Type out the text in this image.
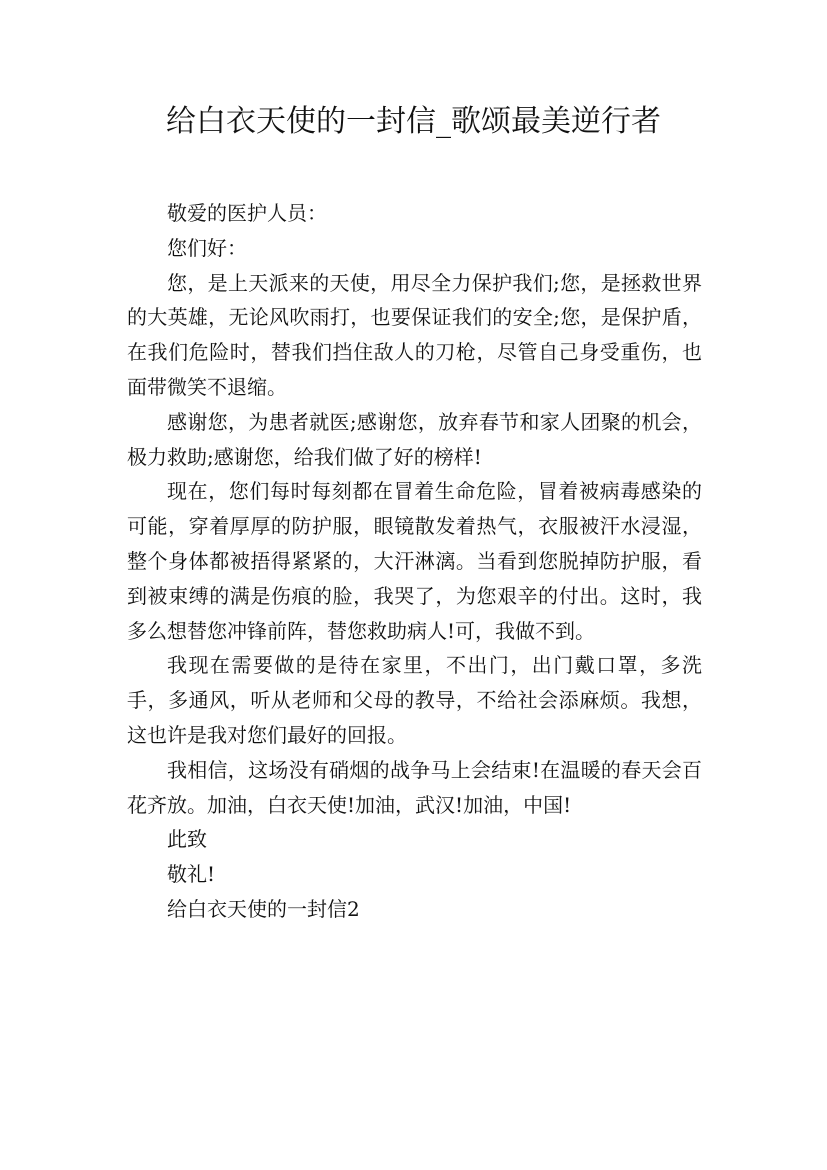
给白衣天使的一封信_歌颂最美逆行者

敬爱的医护人员：

您们好：

您，是上天派来的天使，用尽全力保护我们;您，是拯救世界的大英雄，无论风吹雨打，也要保证我们的安全;您，是保护盾，在我们危险时，替我们挡住敌人的刀枪，尽管自己身受重伤，也面带微笑不退缩。

感谢您，为患者就医;感谢您，放弃春节和家人团聚的机会，极力救助;感谢您，给我们做了好的榜样!

现在，您们每时每刻都在冒着生命危险，冒着被病毒感染的可能，穿着厚厚的防护服，眼镜散发着热气，衣服被汗水浸湿，整个身体都被捂得紧紧的，大汗淋漓。当看到您脱掉防护服，看到被束缚的满是伤痕的脸，我哭了，为您艰辛的付出。这时，我多么想替您冲锋前阵，替您救助病人!可，我做不到。

我现在需要做的是待在家里，不出门，出门戴口罩，多洗手，多通风，听从老师和父母的教导，不给社会添麻烦。我想，这也许是我对您们最好的回报。

我相信，这场没有硝烟的战争马上会结束!在温暖的春天会百花齐放。加油，白衣天使!加油，武汉!加油，中国!

此致

敬礼!

给白衣天使的一封信2
